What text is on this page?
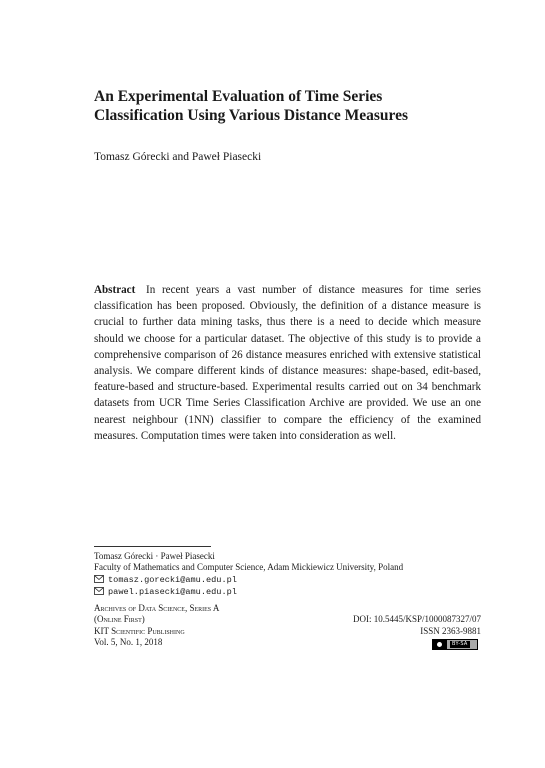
An Experimental Evaluation of Time Series
Classification Using Various Distance Measures
Tomasz Górecki and Paweł Piasecki

Abstract In recent years a vast number of distance measures for time series classification has been proposed. Obviously, the definition of a distance measure is crucial to further data mining tasks, thus there is a need to decide which measure should we choose for a particular dataset. The objective of this study is to provide a comprehensive comparison of 26 distance measures enriched with extensive statistical analysis. We compare different kinds of distance measures: shape-based, edit-based, feature-based and structure-based. Experimental results carried out on 34 benchmark datasets from UCR Time Series Classification Archive are provided. We use an one nearest neighbour (1NN) classifier to compare the efficiency of the examined measures. Computation times were taken into consideration as well.

Tomasz Górecki · Paweł Piasecki
Faculty of Mathematics and Computer Science, Adam Mickiewicz University, Poland
tomasz.gorecki@amu.edu.pl
pawel.piasecki@amu.edu.pl
Archives of Data Science, Series A
(Online First)	DOI: 10.5445/KSP/1000087327/07
KIT Scientific Publishing	ISSN 2363-9881
Vol. 5, No. 1, 2018	BY-SA
